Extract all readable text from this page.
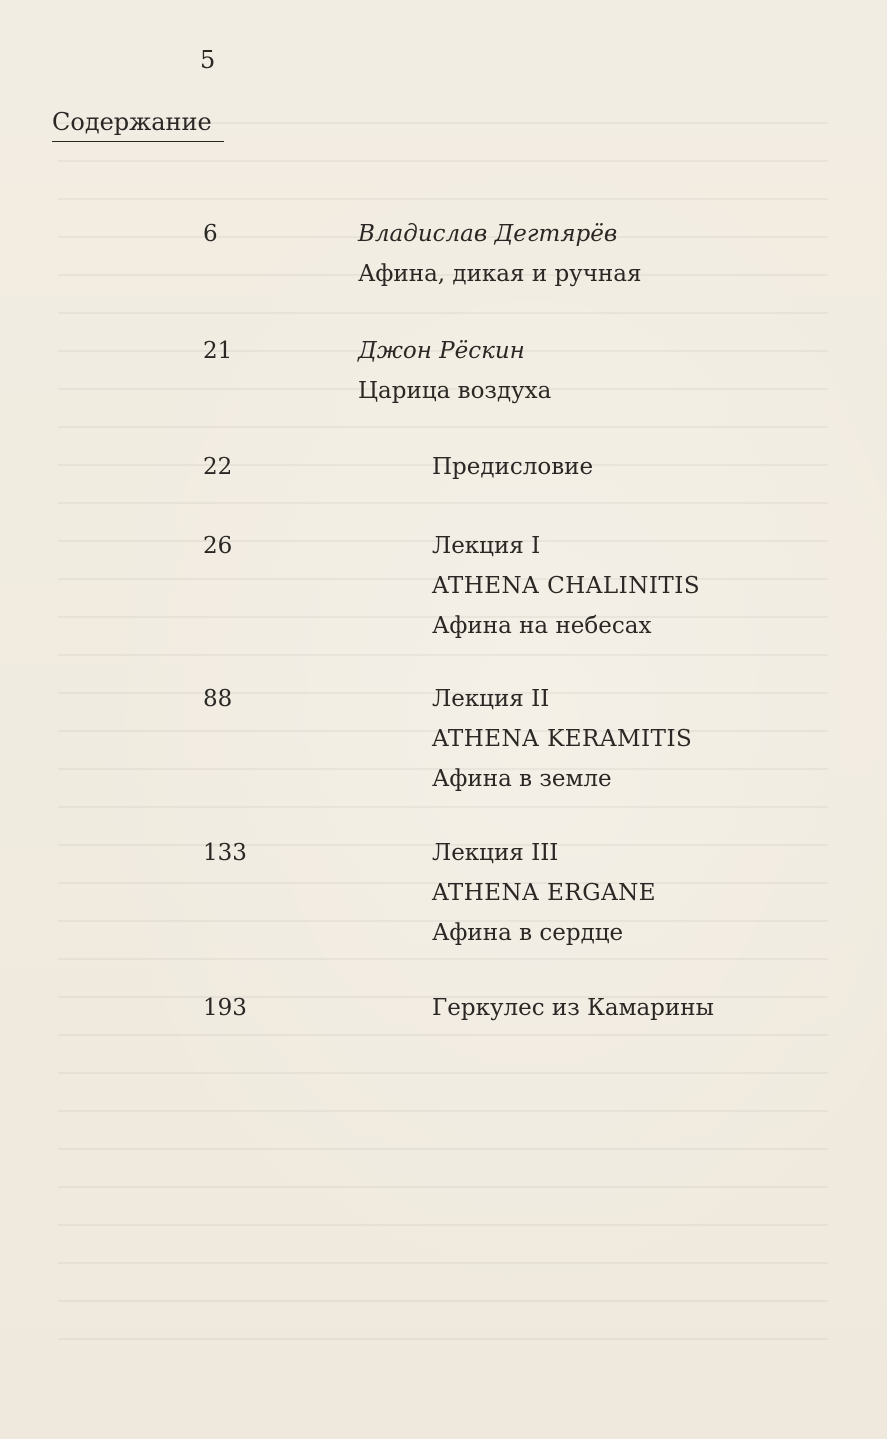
5
Содержание
6	Владислав Дегтярёв
Афина, дикая и ручная
21	Джон Рёскин
Царица воздуха
22	Предисловие
26	Лекция I
ATHENA CHALINITIS
Афина на небесах
88	Лекция II
ATHENA KERAMITIS
Афина в земле
133	Лекция III
ATHENA ERGANE
Афина в сердце
193	Геркулес из Камарины
